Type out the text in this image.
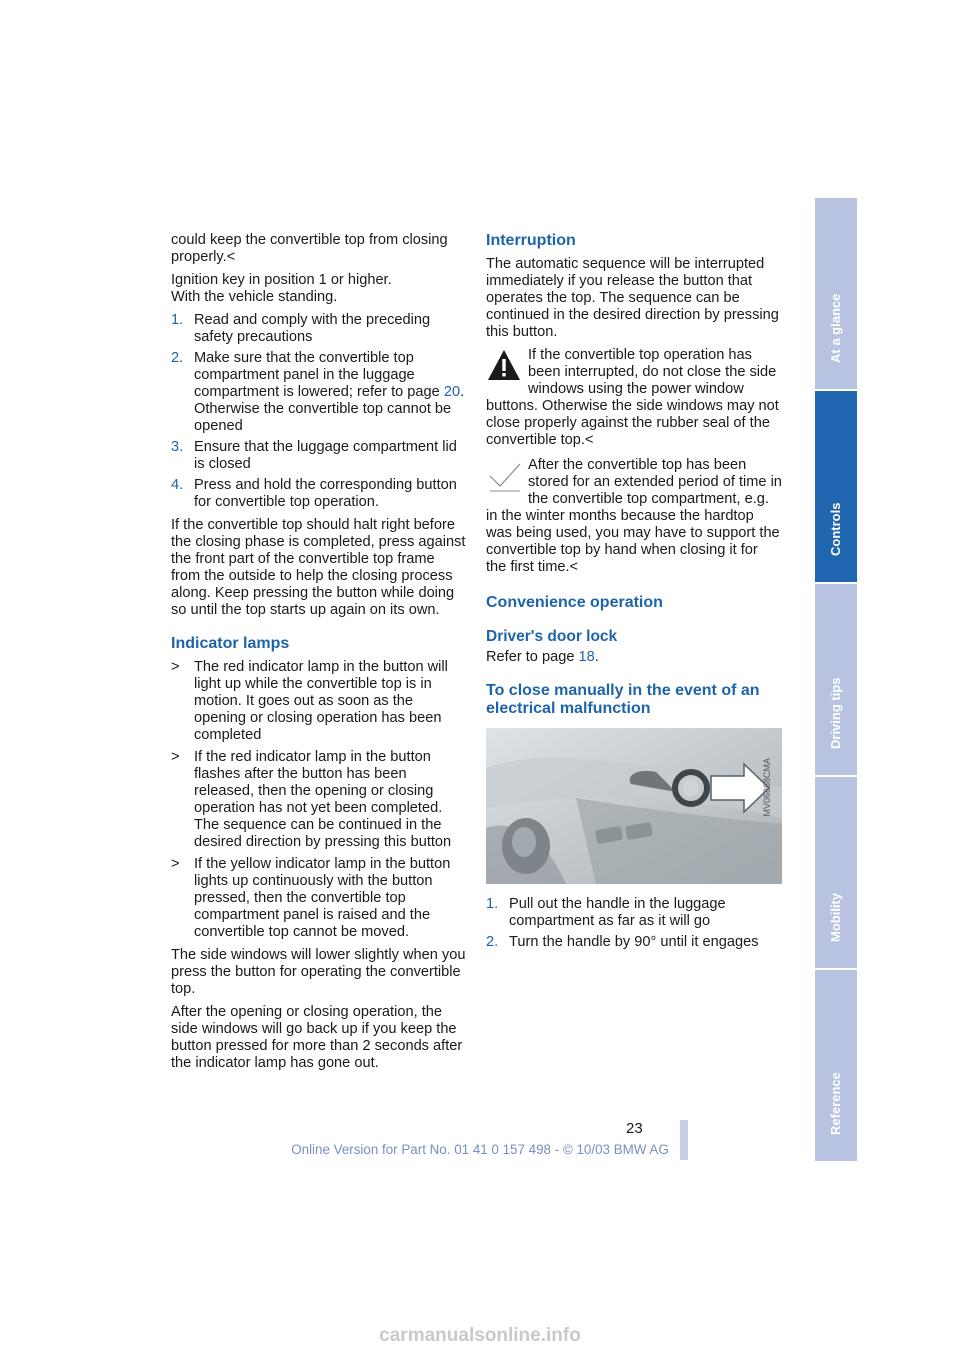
could keep the convertible top from closing properly.<

Ignition key in position 1 or higher.
With the vehicle standing.

1. Read and comply with the preceding safety precautions
2. Make sure that the convertible top compartment panel in the luggage compartment is lowered; refer to page 20. Otherwise the convertible top cannot be opened
3. Ensure that the luggage compartment lid is closed
4. Press and hold the corresponding button for convertible top operation.

If the convertible top should halt right before the closing phase is completed, press against the front part of the convertible top frame from the outside to help the closing process along. Keep pressing the button while doing so until the top starts up again on its own.

Indicator lamps
> The red indicator lamp in the button will light up while the convertible top is in motion. It goes out as soon as the opening or closing operation has been completed
> If the red indicator lamp in the button flashes after the button has been released, then the opening or closing operation has not yet been completed. The sequence can be continued in the desired direction by pressing this button
> If the yellow indicator lamp in the button lights up continuously with the button pressed, then the convertible top compartment panel is raised and the convertible top cannot be moved.

The side windows will lower slightly when you press the button for operating the convertible top.

After the opening or closing operation, the side windows will go back up if you keep the button pressed for more than 2 seconds after the indicator lamp has gone out.

Interruption

The automatic sequence will be interrupted immediately if you release the button that operates the top. The sequence can be continued in the desired direction by pressing this button.

If the convertible top operation has been interrupted, do not close the side windows using the power window buttons. Otherwise the side windows may not close properly against the rubber seal of the convertible top.<
After the convertible top has been stored for an extended period of time in the convertible top compartment, e.g. in the winter months because the hardtop was being used, you may have to support the convertible top by hand when closing it for the first time.<
Convenience operation
Driver's door lock

Refer to page 18.

To close manually in the event of an electrical malfunction
MV06868CMA
1. Pull out the handle in the luggage compartment as far as it will go
2. Turn the handle by 90° until it engages
23
Online Version for Part No. 01 41 0 157 498 - © 10/03 BMW AG
At a glance
Controls
Driving tips
Mobility
Reference
carmanualsonline.info
